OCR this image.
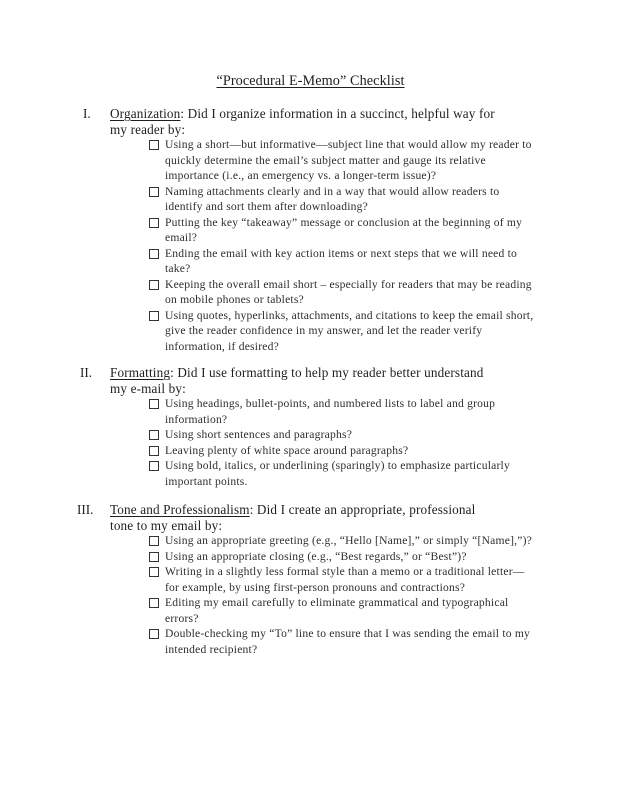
“Procedural E-Memo” Checklist
I. Organization: Did I organize information in a succinct, helpful way for
my reader by:
Using a short—but informative—subject line that would allow my reader to quickly determine the email’s subject matter and gauge its relative importance (i.e., an emergency vs. a longer-term issue)?
Naming attachments clearly and in a way that would allow readers to identify and sort them after downloading?
Putting the key “takeaway” message or conclusion at the beginning of my email?
Ending the email with key action items or next steps that we will need to take?
Keeping the overall email short – especially for readers that may be reading on mobile phones or tablets?
Using quotes, hyperlinks, attachments, and citations to keep the email short, give the reader confidence in my answer, and let the reader verify information, if desired?
II. Formatting: Did I use formatting to help my reader better understand
my e-mail by:
Using headings, bullet-points, and numbered lists to label and group information?
Using short sentences and paragraphs?
Leaving plenty of white space around paragraphs?
Using bold, italics, or underlining (sparingly) to emphasize particularly important points.
III. Tone and Professionalism: Did I create an appropriate, professional
tone to my email by:
Using an appropriate greeting (e.g., “Hello [Name],” or simply “[Name],”)?
Using an appropriate closing (e.g., “Best regards,” or “Best”)?
Writing in a slightly less formal style than a memo or a traditional letter—for example, by using first-person pronouns and contractions?
Editing my email carefully to eliminate grammatical and typographical errors?
Double-checking my “To” line to ensure that I was sending the email to my intended recipient?
